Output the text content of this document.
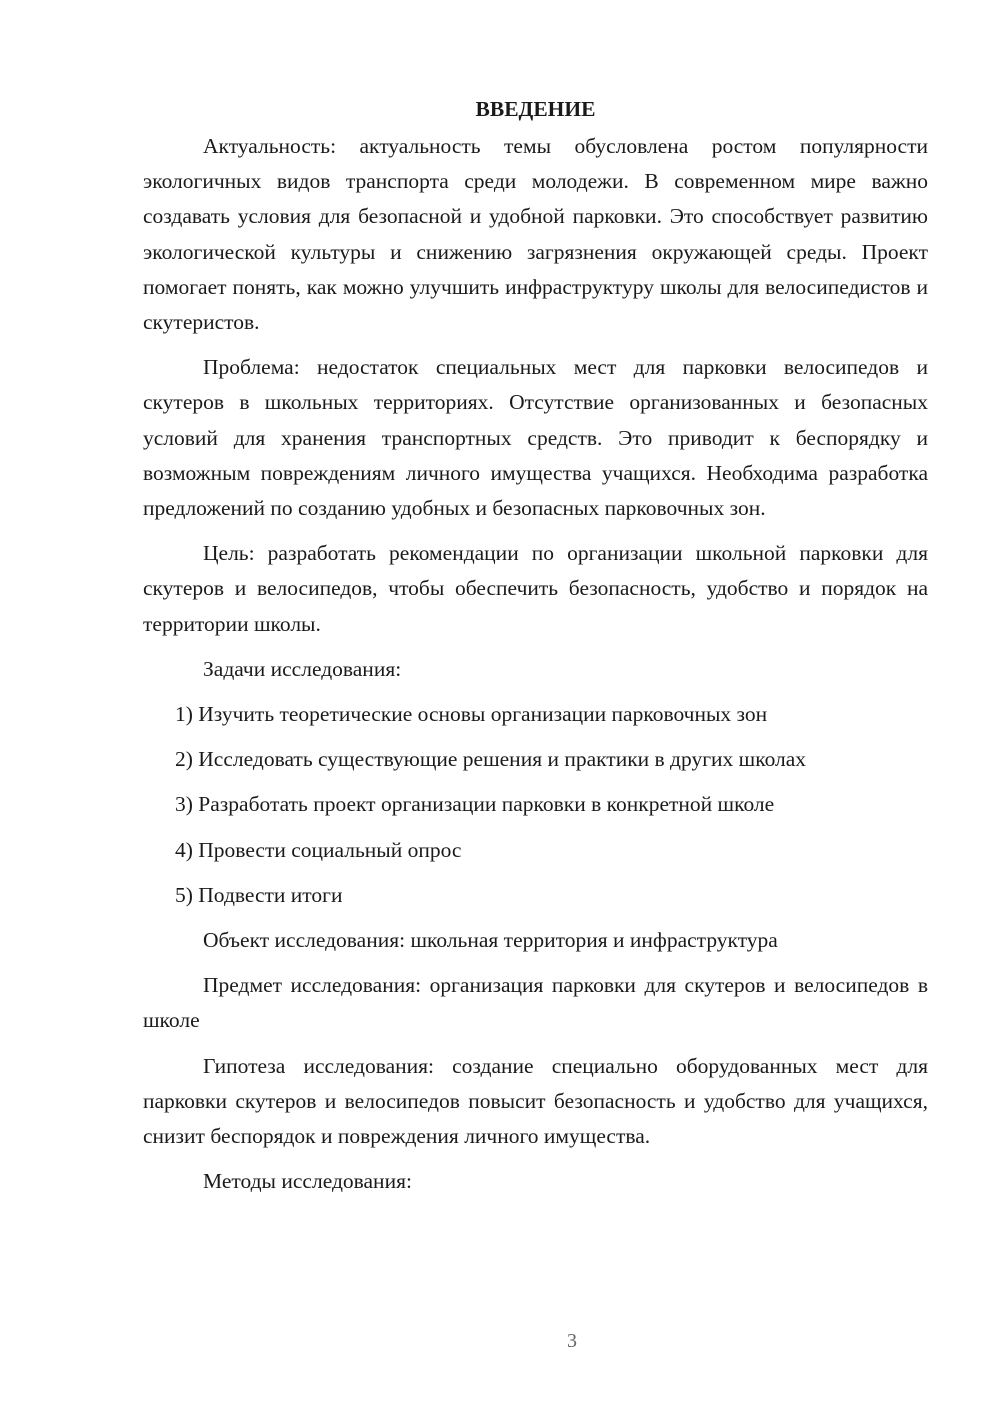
ВВЕДЕНИЕ

Актуальность: актуальность темы обусловлена ростом популярности экологичных видов транспорта среди молодежи. В современном мире важно создавать условия для безопасной и удобной парковки. Это способствует развитию экологической культуры и снижению загрязнения окружающей среды. Проект помогает понять, как можно улучшить инфраструктуру школы для велосипедистов и скутеристов.

Проблема: недостаток специальных мест для парковки велосипедов и скутеров в школьных территориях. Отсутствие организованных и безопасных условий для хранения транспортных средств. Это приводит к беспорядку и возможным повреждениям личного имущества учащихся. Необходима разработка предложений по созданию удобных и безопасных парковочных зон.

Цель: разработать рекомендации по организации школьной парковки для скутеров и велосипедов, чтобы обеспечить безопасность, удобство и порядок на территории школы.

Задачи исследования:

1) Изучить теоретические основы организации парковочных зон

2) Исследовать существующие решения и практики в других школах

3) Разработать проект организации парковки в конкретной школе

4) Провести социальный опрос

5) Подвести итоги

Объект исследования: школьная территория и инфраструктура

Предмет исследования: организация парковки для скутеров и велосипедов в школе

Гипотеза исследования: создание специально оборудованных мест для парковки скутеров и велосипедов повысит безопасность и удобство для учащихся, снизит беспорядок и повреждения личного имущества.

Методы исследования:

3
